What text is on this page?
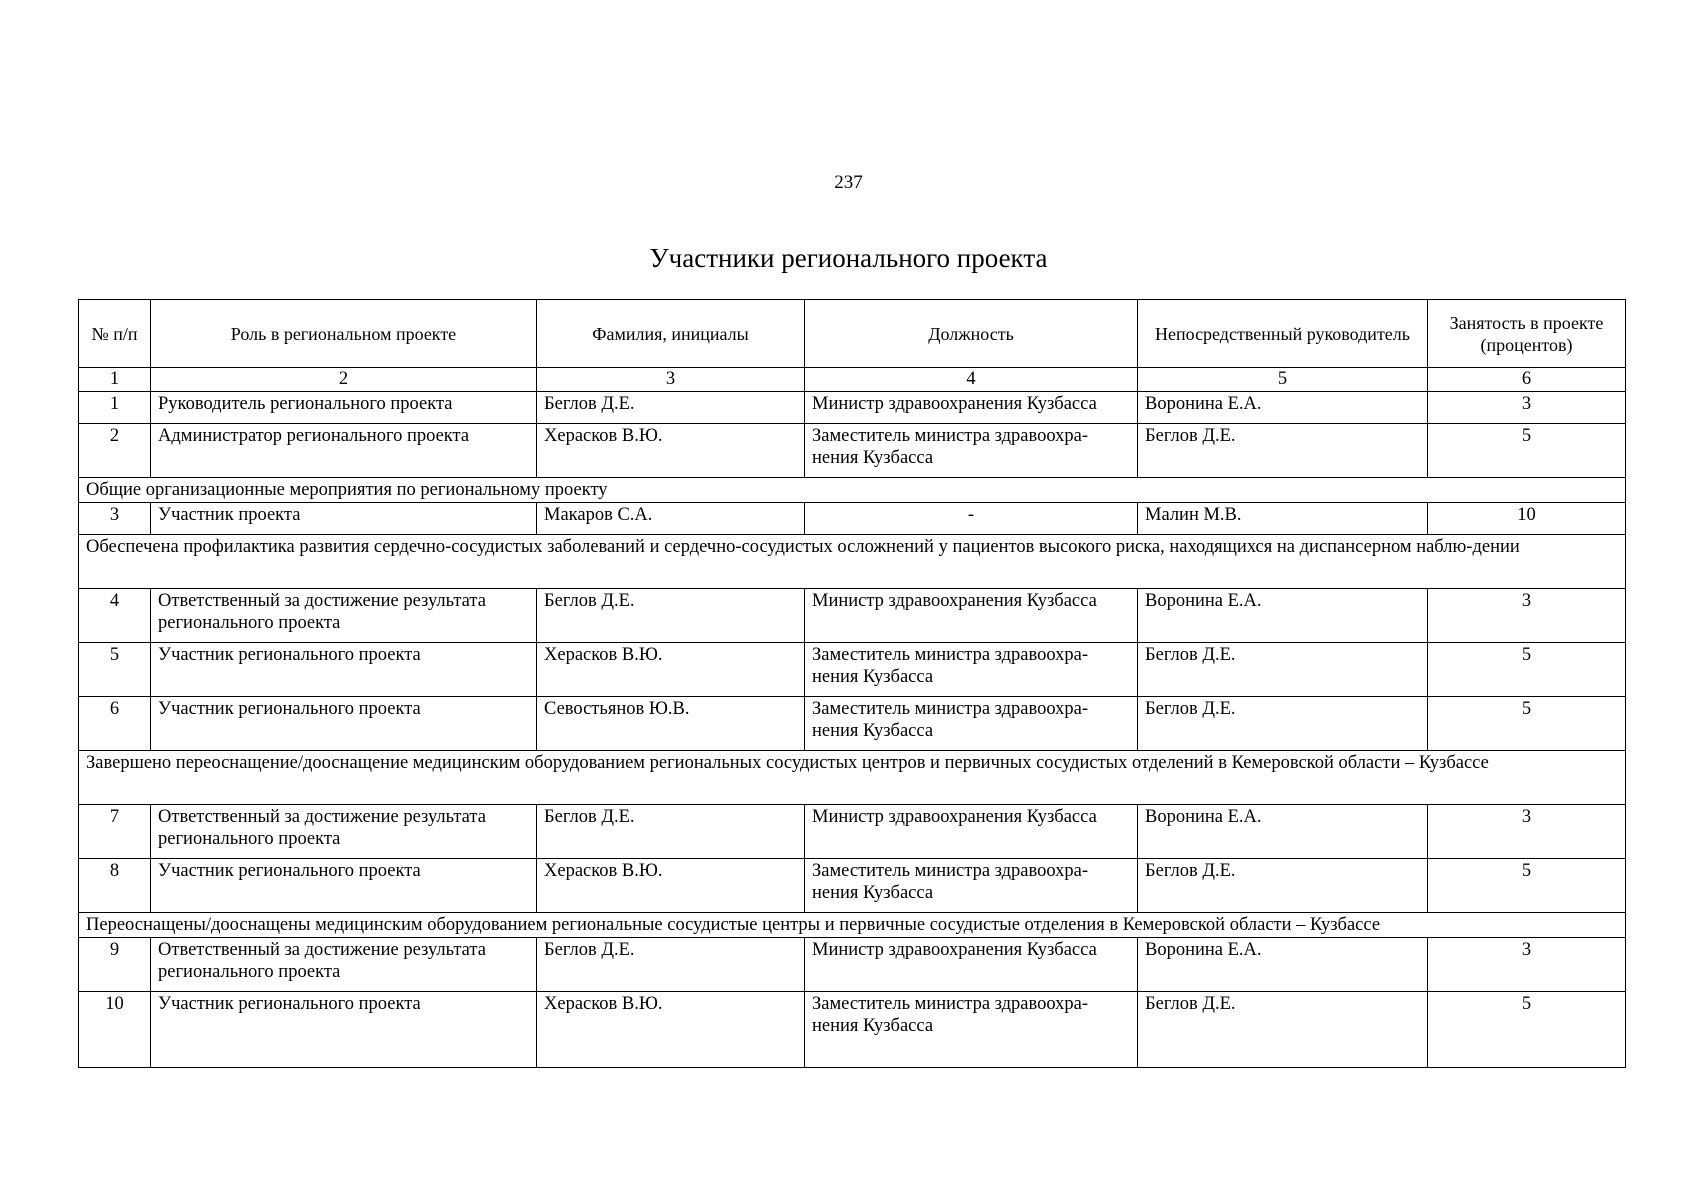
237
Участники регионального проекта
№ п/п	Роль в региональном проекте	Фамилия, инициалы	Должность	Непосредственный руководитель	Занятость в проекте (процентов)
1	2	3	4	5	6
1	Руководитель регионального проекта	Беглов Д.Е.	Министр здравоохранения Кузбасса	Воронина Е.А.	3
2	Администратор регионального проекта	Херасков В.Ю.	Заместитель министра здравоохра-нения Кузбасса	Беглов Д.Е.	5
Общие организационные мероприятия по региональному проекту					
3	Участник проекта	Макаров С.А.	-	Малин М.В.	10
Обеспечена профилактика развития сердечно-сосудистых заболеваний и сердечно-сосудистых осложнений у пациентов высокого риска, находящихся на диспансерном наблю-дении					
4	Ответственный за достижение результата регионального проекта	Беглов Д.Е.	Министр здравоохранения Кузбасса	Воронина Е.А.	3
5	Участник регионального проекта	Херасков В.Ю.	Заместитель министра здравоохра-нения Кузбасса	Беглов Д.Е.	5
6	Участник регионального проекта	Севостьянов Ю.В.	Заместитель министра здравоохра-нения Кузбасса	Беглов Д.Е.	5
Завершено переоснащение/дооснащение медицинским оборудованием региональных сосудистых центров и первичных сосудистых отделений в Кемеровской области – Кузбассе					
7	Ответственный за достижение результата регионального проекта	Беглов Д.Е.	Министр здравоохранения Кузбасса	Воронина Е.А.	3
8	Участник регионального проекта	Херасков В.Ю.	Заместитель министра здравоохра-нения Кузбасса	Беглов Д.Е.	5
Переоснащены/дооснащены медицинским оборудованием региональные сосудистые центры и первичные сосудистые отделения в Кемеровской области – Кузбассе					
9	Ответственный за достижение результата регионального проекта	Беглов Д.Е.	Министр здравоохранения Кузбасса	Воронина Е.А.	3
10	Участник регионального проекта	Херасков В.Ю.	Заместитель министра здравоохра-нения Кузбасса	Беглов Д.Е.	5
